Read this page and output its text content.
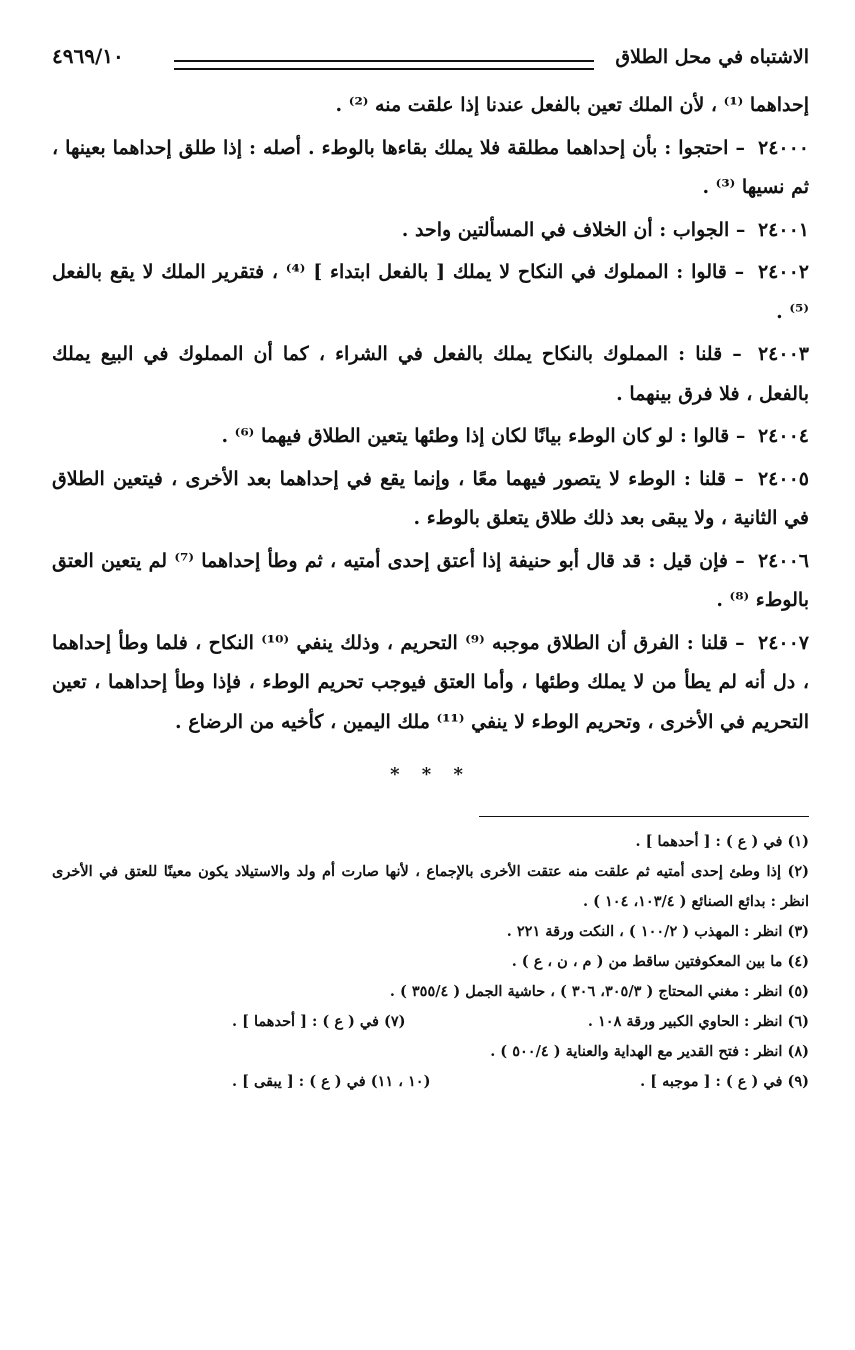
الاشتباه في محل الطلاق
٤٩٦٩/١٠

إحداهما ⁽¹⁾ ، لأن الملك تعين بالفعل عندنا إذا علقت منه ⁽²⁾ .

٢٤٠٠٠ – احتجوا : بأن إحداهما مطلقة فلا يملك بقاءها بالوطء . أصله : إذا طلق إحداهما بعينها ، ثم نسيها ⁽³⁾ .

٢٤٠٠١ – الجواب : أن الخلاف في المسألتين واحد .

٢٤٠٠٢ – قالوا : المملوك في النكاح لا يملك [ بالفعل ابتداء ] ⁽⁴⁾ ، فتقرير الملك لا يقع بالفعل ⁽⁵⁾ .

٢٤٠٠٣ – قلنا : المملوك بالنكاح يملك بالفعل في الشراء ، كما أن المملوك في البيع يملك بالفعل ، فلا فرق بينهما .

٢٤٠٠٤ – قالوا : لو كان الوطء بيانًا لكان إذا وطئها يتعين الطلاق فيهما ⁽⁶⁾ .

٢٤٠٠٥ – قلنا : الوطء لا يتصور فيهما معًا ، وإنما يقع في إحداهما بعد الأخرى ، فيتعين الطلاق في الثانية ، ولا يبقى بعد ذلك طلاق يتعلق بالوطء .

٢٤٠٠٦ – فإن قيل : قد قال أبو حنيفة إذا أعتق إحدى أمتيه ، ثم وطأ إحداهما ⁽⁷⁾ لم يتعين العتق بالوطء ⁽⁸⁾ .

٢٤٠٠٧ – قلنا : الفرق أن الطلاق موجبه ⁽⁹⁾ التحريم ، وذلك ينفي ⁽¹⁰⁾ النكاح ، فلما وطأ إحداهما ، دل أنه لم يطأ من لا يملك وطئها ، وأما العتق فيوجب تحريم الوطء ، فإذا وطأ إحداهما ، تعين التحريم في الأخرى ، وتحريم الوطء لا ينفي ⁽¹¹⁾ ملك اليمين ، كأخيه من الرضاع .

* * *

(١) في ( ع ) : [ أحدهما ] .

(٢) إذا وطئ إحدى أمتيه ثم علقت منه عتقت الأخرى بالإجماع ، لأنها صارت أم ولد والاستيلاد يكون معينًا للعتق في الأخرى انظر : بدائع الصنائع ( ١٠٣/٤، ١٠٤ ) .

(٣) انظر : المهذب ( ١٠٠/٢ ) ، النكت ورقة ٢٢١ .

(٤) ما بين المعكوفتين ساقط من ( م ، ن ، ع ) .

(٥) انظر : مغني المحتاج ( ٣٠٥/٣، ٣٠٦ ) ، حاشية الجمل ( ٣٥٥/٤ ) .

(٦) انظر : الحاوي الكبير ورقة ١٠٨ .
(٧) في ( ع ) : [ أحدهما ] .

(٨) انظر : فتح القدير مع الهداية والعناية ( ٥٠٠/٤ ) .

(٩) في ( ع ) : [ موجبه ] .
(١٠ ، ١١) في ( ع ) : [ يبقى ] .
